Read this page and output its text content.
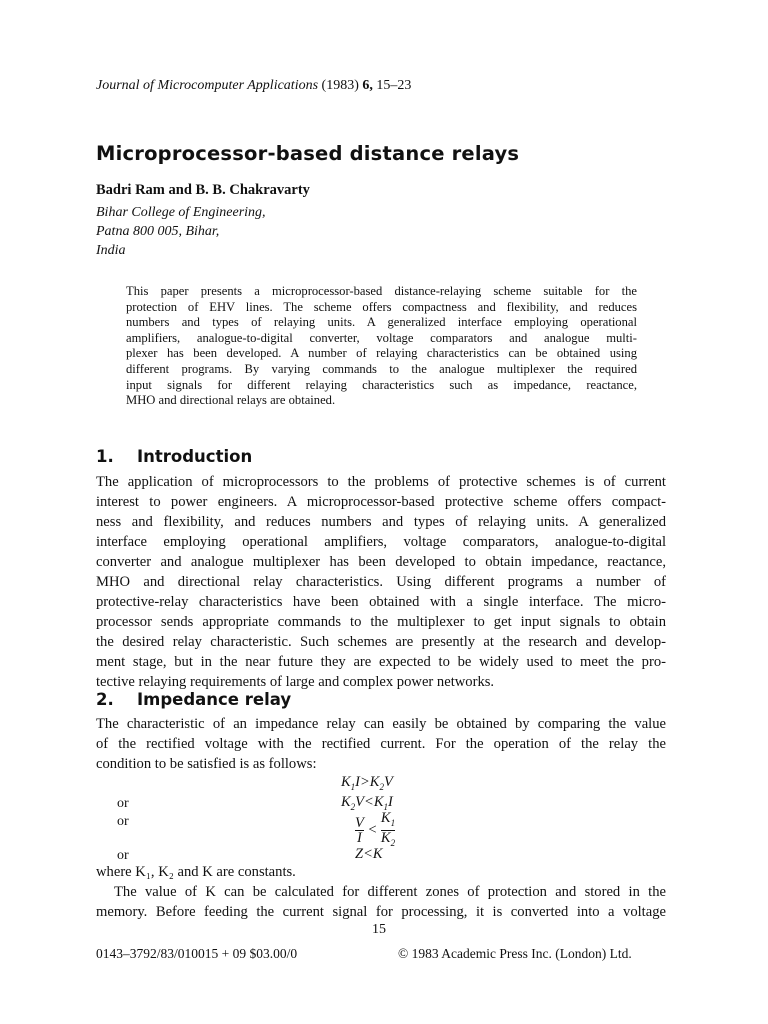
Journal of Microcomputer Applications (1983) 6, 15–23
Microprocessor-based distance relays
Badri Ram and B. B. Chakravarty
Bihar College of Engineering,
Patna 800 005, Bihar,
India
This paper presents a microprocessor-based distance-relaying scheme suitable for the
protection of EHV lines. The scheme offers compactness and flexibility, and reduces
numbers and types of relaying units. A generalized interface employing operational
amplifiers, analogue-to-digital converter, voltage comparators and analogue multi-
plexer has been developed. A number of relaying characteristics can be obtained using
different programs. By varying commands to the analogue multiplexer the required
input signals for different relaying characteristics such as impedance, reactance,
MHO and directional relays are obtained.
1. Introduction
The application of microprocessors to the problems of protective schemes is of current
interest to power engineers. A microprocessor-based protective scheme offers compact-
ness and flexibility, and reduces numbers and types of relaying units. A generalized
interface employing operational amplifiers, voltage comparators, analogue-to-digital
converter and analogue multiplexer has been developed to obtain impedance, reactance,
MHO and directional relay characteristics. Using different programs a number of
protective-relay characteristics have been obtained with a single interface. The micro-
processor sends appropriate commands to the multiplexer to get input signals to obtain
the desired relay characteristic. Such schemes are presently at the research and develop-
ment stage, but in the near future they are expected to be widely used to meet the pro-
tective relaying requirements of large and complex power networks.
2. Impedance relay
The characteristic of an impedance relay can easily be obtained by comparing the value
of the rectified voltage with the rectified current. For the operation of the relay the
condition to be satisfied is as follows:
$K_1I>K_2V$
or	$K_2V<K_1I$
or	$\frac{V}{I} < \frac{K_1}{K_2}$
or	Z<K
where K₁, K₂ and K are constants.
The value of K can be calculated for different zones of protection and stored in the
memory. Before feeding the current signal for processing, it is converted into a voltage
15
0143–3792/83/010015 + 09 $03.00/0	© 1983 Academic Press Inc. (London) Ltd.
